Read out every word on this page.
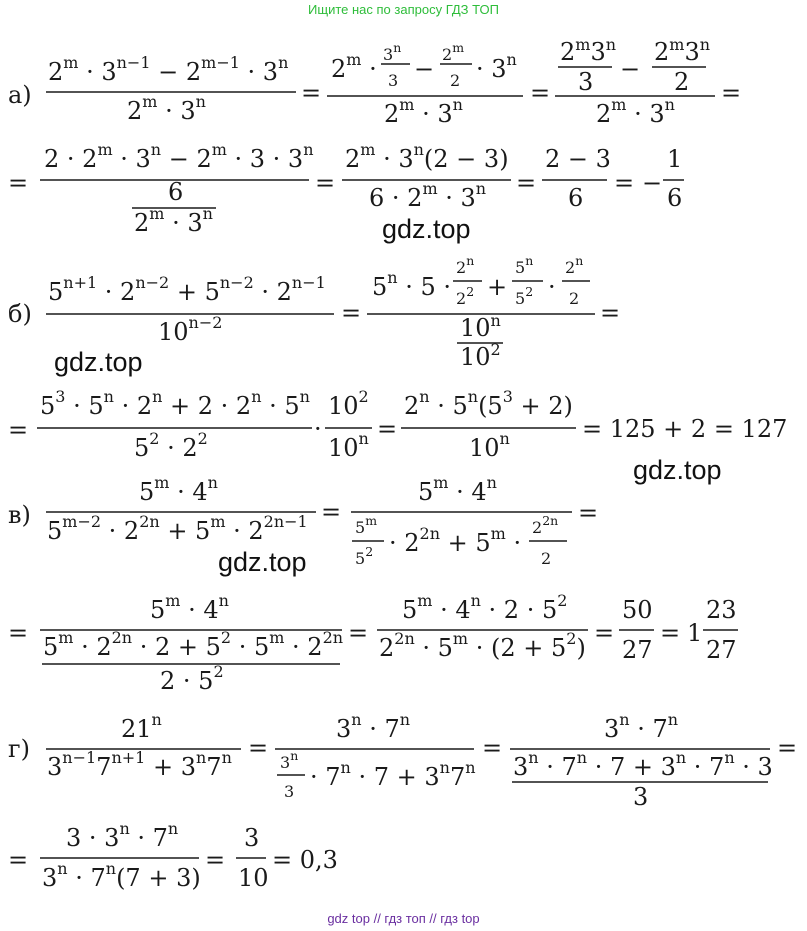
Ищите нас по запросу ГДЗ ТОП
а)
$2^m \cdot 3^{n-1} - 2^{m-1} \cdot 3^n$
$2^m \cdot 3^n$	=
$2^m$ ·
$3^n$
3 −
$2^m$
$2 \cdot 3^n$
$2^m \cdot 3^n$	=
$2^m3^n$
3 −
$2^m3^n$
2
$2^m \cdot 3^n$ =
=
$2 \cdot 2^m \cdot 3^n - 2^m \cdot 3 \cdot 3^n$
6
$2^m \cdot 3^n$
=
$2^m \cdot 3^n(2 - 3)$
$6 \cdot 2^m \cdot 3^n$ =
2 − 3
6
= −
1
6
б)
$5^{n+1} \cdot 2^{n-2} + 5^{n-2} \cdot 2^{n-1}$
$10^{n-2}$	=
$5^n \cdot 5$ ·
$2^n$
$2^2$ +
$5^n$
$5^2$ ·
$2^n$
2
10$^n$
$10^2$
=
=
$5^3 \cdot 5^n \cdot 2^n + 2 \cdot 2^n \cdot 5^n$
$5^2 \cdot 2^2$	·
$10^2$
$10^n$ =
$2^n \cdot 5^n(5^3 + 2)$
$10^n$	= 125 + 2 = 127
в)
$5^m \cdot 4^n$
$5^{m-2} \cdot 2^{2n} + 5^m \cdot 2^{2n-1}$ =
$5^m \cdot 4^n$
5$^m$
$5^2 \cdot 2^{2n} + 5^m$ ·
$2^{2n}$
2
=
=
$5^m \cdot 4^n$
$5^m \cdot 2^{2n} \cdot 2 + 5^2 \cdot 5^m \cdot 2^{2n}$
$2 \cdot 5^2$
=
$5^m \cdot 4^n \cdot 2 \cdot 5^2$
$2^{2n} \cdot 5^m \cdot (2 + 5^2)$
=
50
27
= 1
23
27
г)
21$^n$
$3^{n-1}7^{n+1} + 3^n7^n$ =
$3^n \cdot 7^n$
3$^n$
3
· $7^n \cdot 7 + 3^n7^n$
=
$3^n \cdot 7^n$
$3^n \cdot 7^n \cdot 7 + 3^n \cdot 7^n \cdot 3$
3
=
=
$3 \cdot 3^n \cdot 7^n$
$3^n \cdot 7^n(7 + 3)$
=
3
10
= 0,3
gdz.top
gdz.top
gdz.top
gdz.top
gdz top // гдз топ // гдз top
